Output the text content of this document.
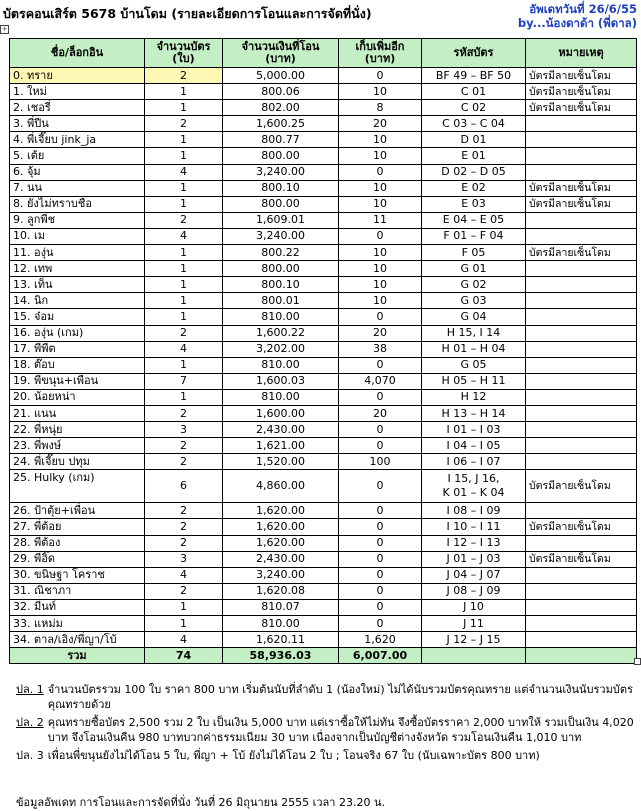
บัตรคอนเสิร์ต 5678 บ้านโดม (รายละเอียดการโอนและการจัดที่นั่ง)	อัพเดทวันที่ 26/6/55
by...น้องดาด้า (พี่ดาล)
+
ชื่อ/ล็อกอิน	จำนวนบัตร (ใบ)	จำนวนเงินที่โอน (บาท)	เก็บเพิ่มอีก (บาท)	รหัสบัตร	หมายเหตุ
0. ทราย	2	5,000.00	0	BF 49 – BF 50	บัตรมีลายเซ็นโดม
1. ใหม่	1	800.06	10	C 01	บัตรมีลายเซ็นโดม
2. เชอรี่	1	802.00	8	C 02	บัตรมีลายเซ็นโดม
3. พี่ปีน	2	1,600.25	20	C 03 – C 04	
4. พี่เจี๊ยบ jink_ja	1	800.77	10	D 01	
5. เต้ย	1	800.00	10	E 01	
6. จุ้ม	4	3,240.00	0	D 02 – D 05	
7. นน	1	800.10	10	E 02	บัตรมีลายเซ็นโดม
8. ยังไม่ทราบชื่อ	1	800.00	10	E 03	บัตรมีลายเซ็นโดม
9. ลูกพีช	2	1,609.01	11	E 04 – E 05	
10. เม	4	3,240.00	0	F 01 – F 04	
11. องุ่น	1	800.22	10	F 05	บัตรมีลายเซ็นโดม
12. เทพ	1	800.00	10	G 01	
13. เท็น	1	800.10	10	G 02	
14. นิก	1	800.01	10	G 03	
15. จ๋อม	1	810.00	0	G 04	
16. องุ่น (เกม)	2	1,600.22	20	H 15, I 14	
17. พี่พีต	4	3,202.00	38	H 01 – H 04	
18. ต๊อบ	1	810.00	0	G 05	
19. พี่ขนุน+เพื่อน	7	1,600.03	4,070	H 05 – H 11	
20. น้อยหน่า	1	810.00	0	H 12	
21. แนน	2	1,600.00	20	H 13 – H 14	
22. พี่หนุ่ย	3	2,430.00	0	I 01 – I 03	
23. พี่พงษ์	2	1,621.00	0	I 04 – I 05	
24. พี่เจี๊ยบ ปทุม	2	1,520.00	100	I 06 – I 07	
25. Hulky (เกม)	6	4,860.00	0	I 15, J 16,
K 01 – K 04	บัตรมีลายเซ็นโดม
26. ป้าตุ้ย+เพื่อน	2	1,620.00	0	I 08 – I 09	
27. พี่ต้อย	2	1,620.00	0	I 10 – I 11	บัตรมีลายเซ็นโดม
28. พี่ต้อง	2	1,620.00	0	I 12 – I 13	
29. พี่อิ๊ด	3	2,430.00	0	J 01 – J 03	บัตรมีลายเซ็นโดม
30. ขนิษฐา โคราช	4	3,240.00	0	J 04 – J 07	
31. ณิชาภา	2	1,620.08	0	J 08 – J 09	
32. มีนท์	1	810.07	0	J 10	
33. แหม่ม	1	810.00	0	J 11	
34. ตาล/เอิง/พี่ญา/โบ้	4	1,620.11	1,620	J 12 – J 15	
รวม	74	58,936.03	6,007.00		
ปล. 1 จำนวนบัตรรวม 100 ใบ ราคา 800 บาท เริ่มต้นนับที่ลำดับ 1 (น้องใหม่) ไม่ได้นับรวมบัตรคุณทราย แต่จำนวนเงินนับรวมบัตรคุณทรายด้วย
ปล. 2 คุณทรายซื้อบัตร 2,500 รวม 2 ใบ เป็นเงิน 5,000 บาท แต่เราซื้อให้ไม่ทัน จึงซื้อบัตรราคา 2,000 บาทให้ รวมเป็นเงิน 4,020 บาท จึงโอนเงินคืน 980 บาทบวกค่าธรรมเนียม 30 บาท เนื่องจากเป็นบัญชีต่างจังหวัด รวมโอนเงินคืน 1,010 บาท
ปล. 3 เพื่อนพี่ขนุนยังไม่ได้โอน 5 ใบ, พี่ญา + โบ้ ยังไม่ได้โอน 2 ใบ ; โอนจริง 67 ใบ (นับเฉพาะบัตร 800 บาท)
ข้อมูลอัพเดท การโอนและการจัดที่นั่ง วันที่ 26 มิถุนายน 2555 เวลา 23.20 น.
